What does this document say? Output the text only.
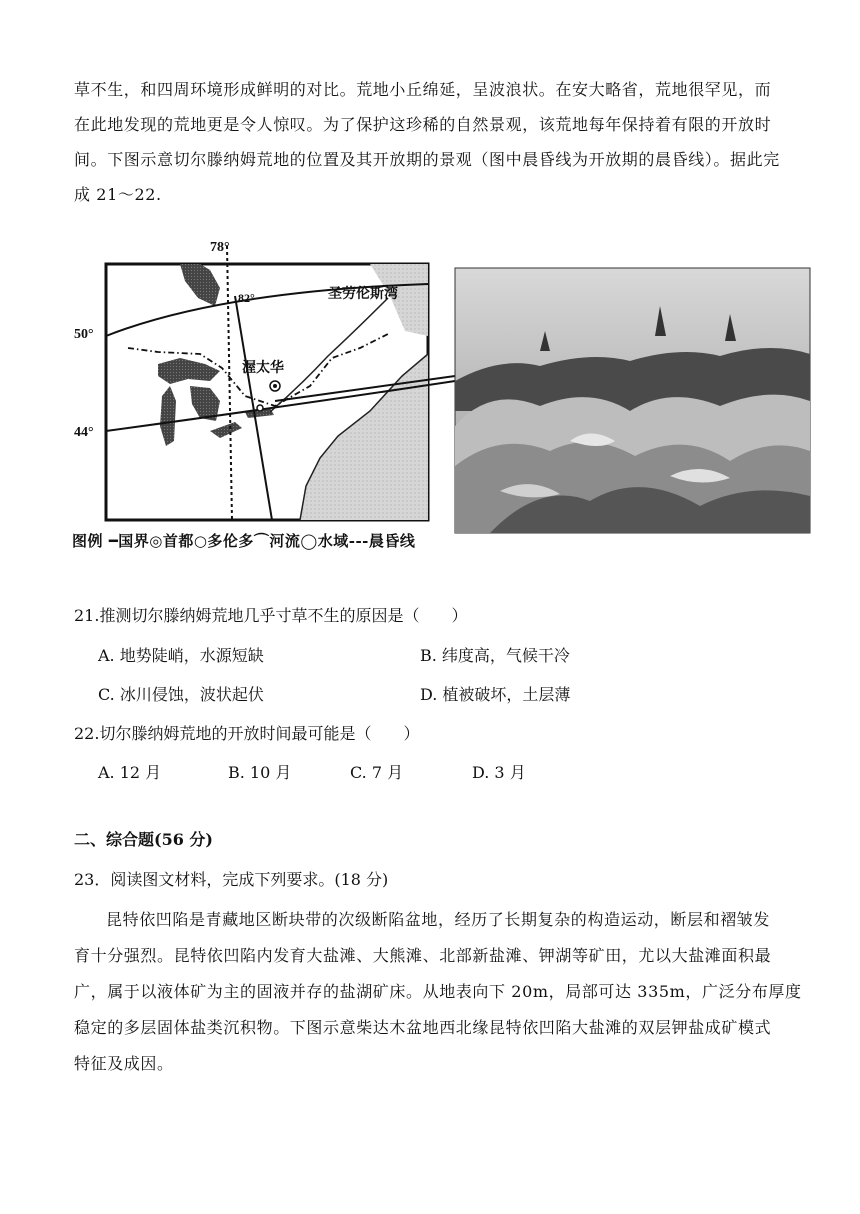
草不生，和四周环境形成鲜明的对比。荒地小丘绵延，呈波浪状。在安大略省，荒地很罕见，而
在此地发现的荒地更是令人惊叹。为了保护这珍稀的自然景观，该荒地每年保持着有限的开放时
间。下图示意切尔滕纳姆荒地的位置及其开放期的景观（图中晨昏线为开放期的晨昏线）。据此完
成 21～22.
78°
82°
50°
44°
圣劳伦斯湾
渥太华
图例 ━国界◎首都○多伦多⌒河流◯水域---晨昏线
21.推测切尔滕纳姆荒地几乎寸草不生的原因是（　　）
A. 地势陡峭，水源短缺	B. 纬度高，气候干冷
C. 冰川侵蚀，波状起伏	D. 植被破坏，土层薄
22.切尔滕纳姆荒地的开放时间最可能是（　　）
A. 12 月	B. 10 月	C. 7 月	D. 3 月
二、综合题(56 分)
23．阅读图文材料，完成下列要求。(18 分)
昆特依凹陷是青藏地区断块带的次级断陷盆地，经历了长期复杂的构造运动，断层和褶皱发
育十分强烈。昆特依凹陷内发育大盐滩、大熊滩、北部新盐滩、钾湖等矿田，尤以大盐滩面积最
广，属于以液体矿为主的固液并存的盐湖矿床。从地表向下 20m，局部可达 335m，广泛分布厚度
稳定的多层固体盐类沉积物。下图示意柴达木盆地西北缘昆特依凹陷大盐滩的双层钾盐成矿模式
特征及成因。
